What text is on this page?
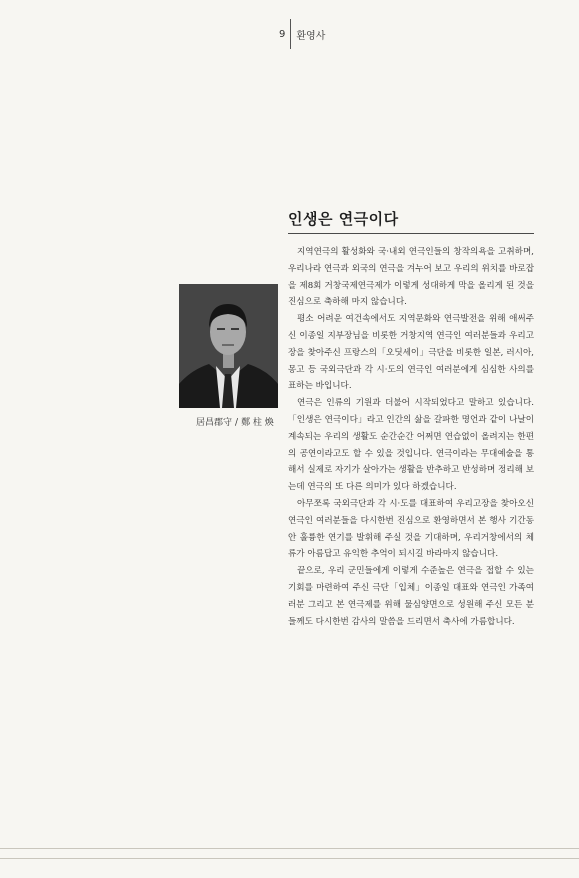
9	환영사
인생은 연극이다
居昌郡守 / 鄭 柱 煥

지역연극의 활성화와 국·내외 연극인들의 창작의욕을 고취하며, 우리나라 연극과 외국의 연극을 겨누어 보고 우리의 위치를 바로잡을 제8회 거창국제연극제가 이렇게 성대하게 막을 올리게 된 것을 진심으로 축하해 마지 않습니다.

평소 어려운 여건속에서도 지역문화와 연극발전을 위해 애써주신 이종일 지부장님을 비롯한 거창지역 연극인 여러분들과 우리고장을 찾아주신 프랑스의「오딧세이」극단을 비롯한 일본, 러시아, 몽고 등 국외극단과 각 시·도의 연극인 여러분에게 심심한 사의를 표하는 바입니다.

연극은 인류의 기원과 더불어 시작되었다고 말하고 있습니다.「인생은 연극이다」라고 인간의 삶을 갈파한 명언과 같이 나날이 계속되는 우리의 생활도 순간순간 어쩌면 연습없이 올려지는 한편의 공연이라고도 할 수 있을 것입니다. 연극이라는 무대예술을 통해서 실제로 자기가 살아가는 생활을 반추하고 반성하며 정리해 보는데 연극의 또 다른 의미가 있다 하겠습니다.

아무쪼록 국외극단과 각 시·도를 대표하여 우리고장을 찾아오신 연극인 여러분들을 다시한번 진심으로 환영하면서 본 행사 기간동안 훌륭한 연기를 발휘해 주실 것을 기대하며, 우리거창에서의 체류가 아름답고 유익한 추억이 되시길 바라마지 않습니다.

끝으로, 우리 군민들에게 이렇게 수준높은 연극을 접할 수 있는 기회를 마련하여 주신 극단「입체」이종일 대표와 연극인 가족여러분 그리고 본 연극제를 위해 물심양면으로 성원해 주신 모든 분들께도 다시한번 감사의 말씀을 드리면서 축사에 가름합니다.
